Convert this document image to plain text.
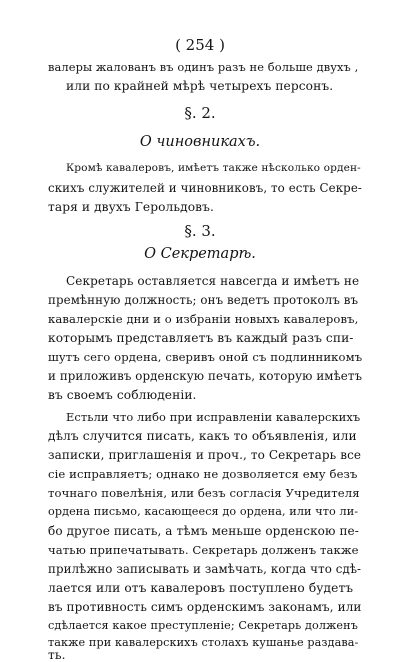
( 254 )
валеры жалованъ въ одинъ разъ не больше двухъ ,
или по крайней мѣрѣ четырехъ персонъ.
§. 2.
О чиновникахъ.
Кромѣ кавалеровъ, имѣетъ также нѣсколько орден-
скихъ служителей и чиновниковъ, то есть Секре-
таря и двухъ Герольдовъ.
§. 3.
О Секретарѣ.
Секретарь оставляется навсегда и имѣетъ не
премѣнную должность; онъ ведетъ протоколъ въ
кавалерскіе дни и о избраніи новыхъ кавалеровъ,
которымъ представляетъ въ каждый разъ спи-
шутъ сего ордена, сверивъ оной съ подлинникомъ
и приложивъ орденскую печать, которую имѣетъ
въ своемъ соблюденіи.
Естьли что либо при исправленіи кавалерскихъ
дѣлъ случится писать, какъ то объявленія, или
записки, приглашенія и проч., то Секретарь все
сіе исправляетъ; однако не дозволяется ему безъ
точнаго повелѣнія, или безъ согласія Учредителя
ордена письмо, касающееся до ордена, или что ли-
бо другое писать, а тѣмъ меньше орденскою пе-
чатью припечатывать. Секретарь долженъ также
прилѣжно записывать и замѣчать, когда что сдѣ-
лается или отъ кавалеровъ поступлено будетъ
въ противность симъ орденскимъ законамъ, или
сдѣлается какое преступленіе; Секретарь долженъ
также при кавалерскихъ столахъ кушанье раздава-
ть.
